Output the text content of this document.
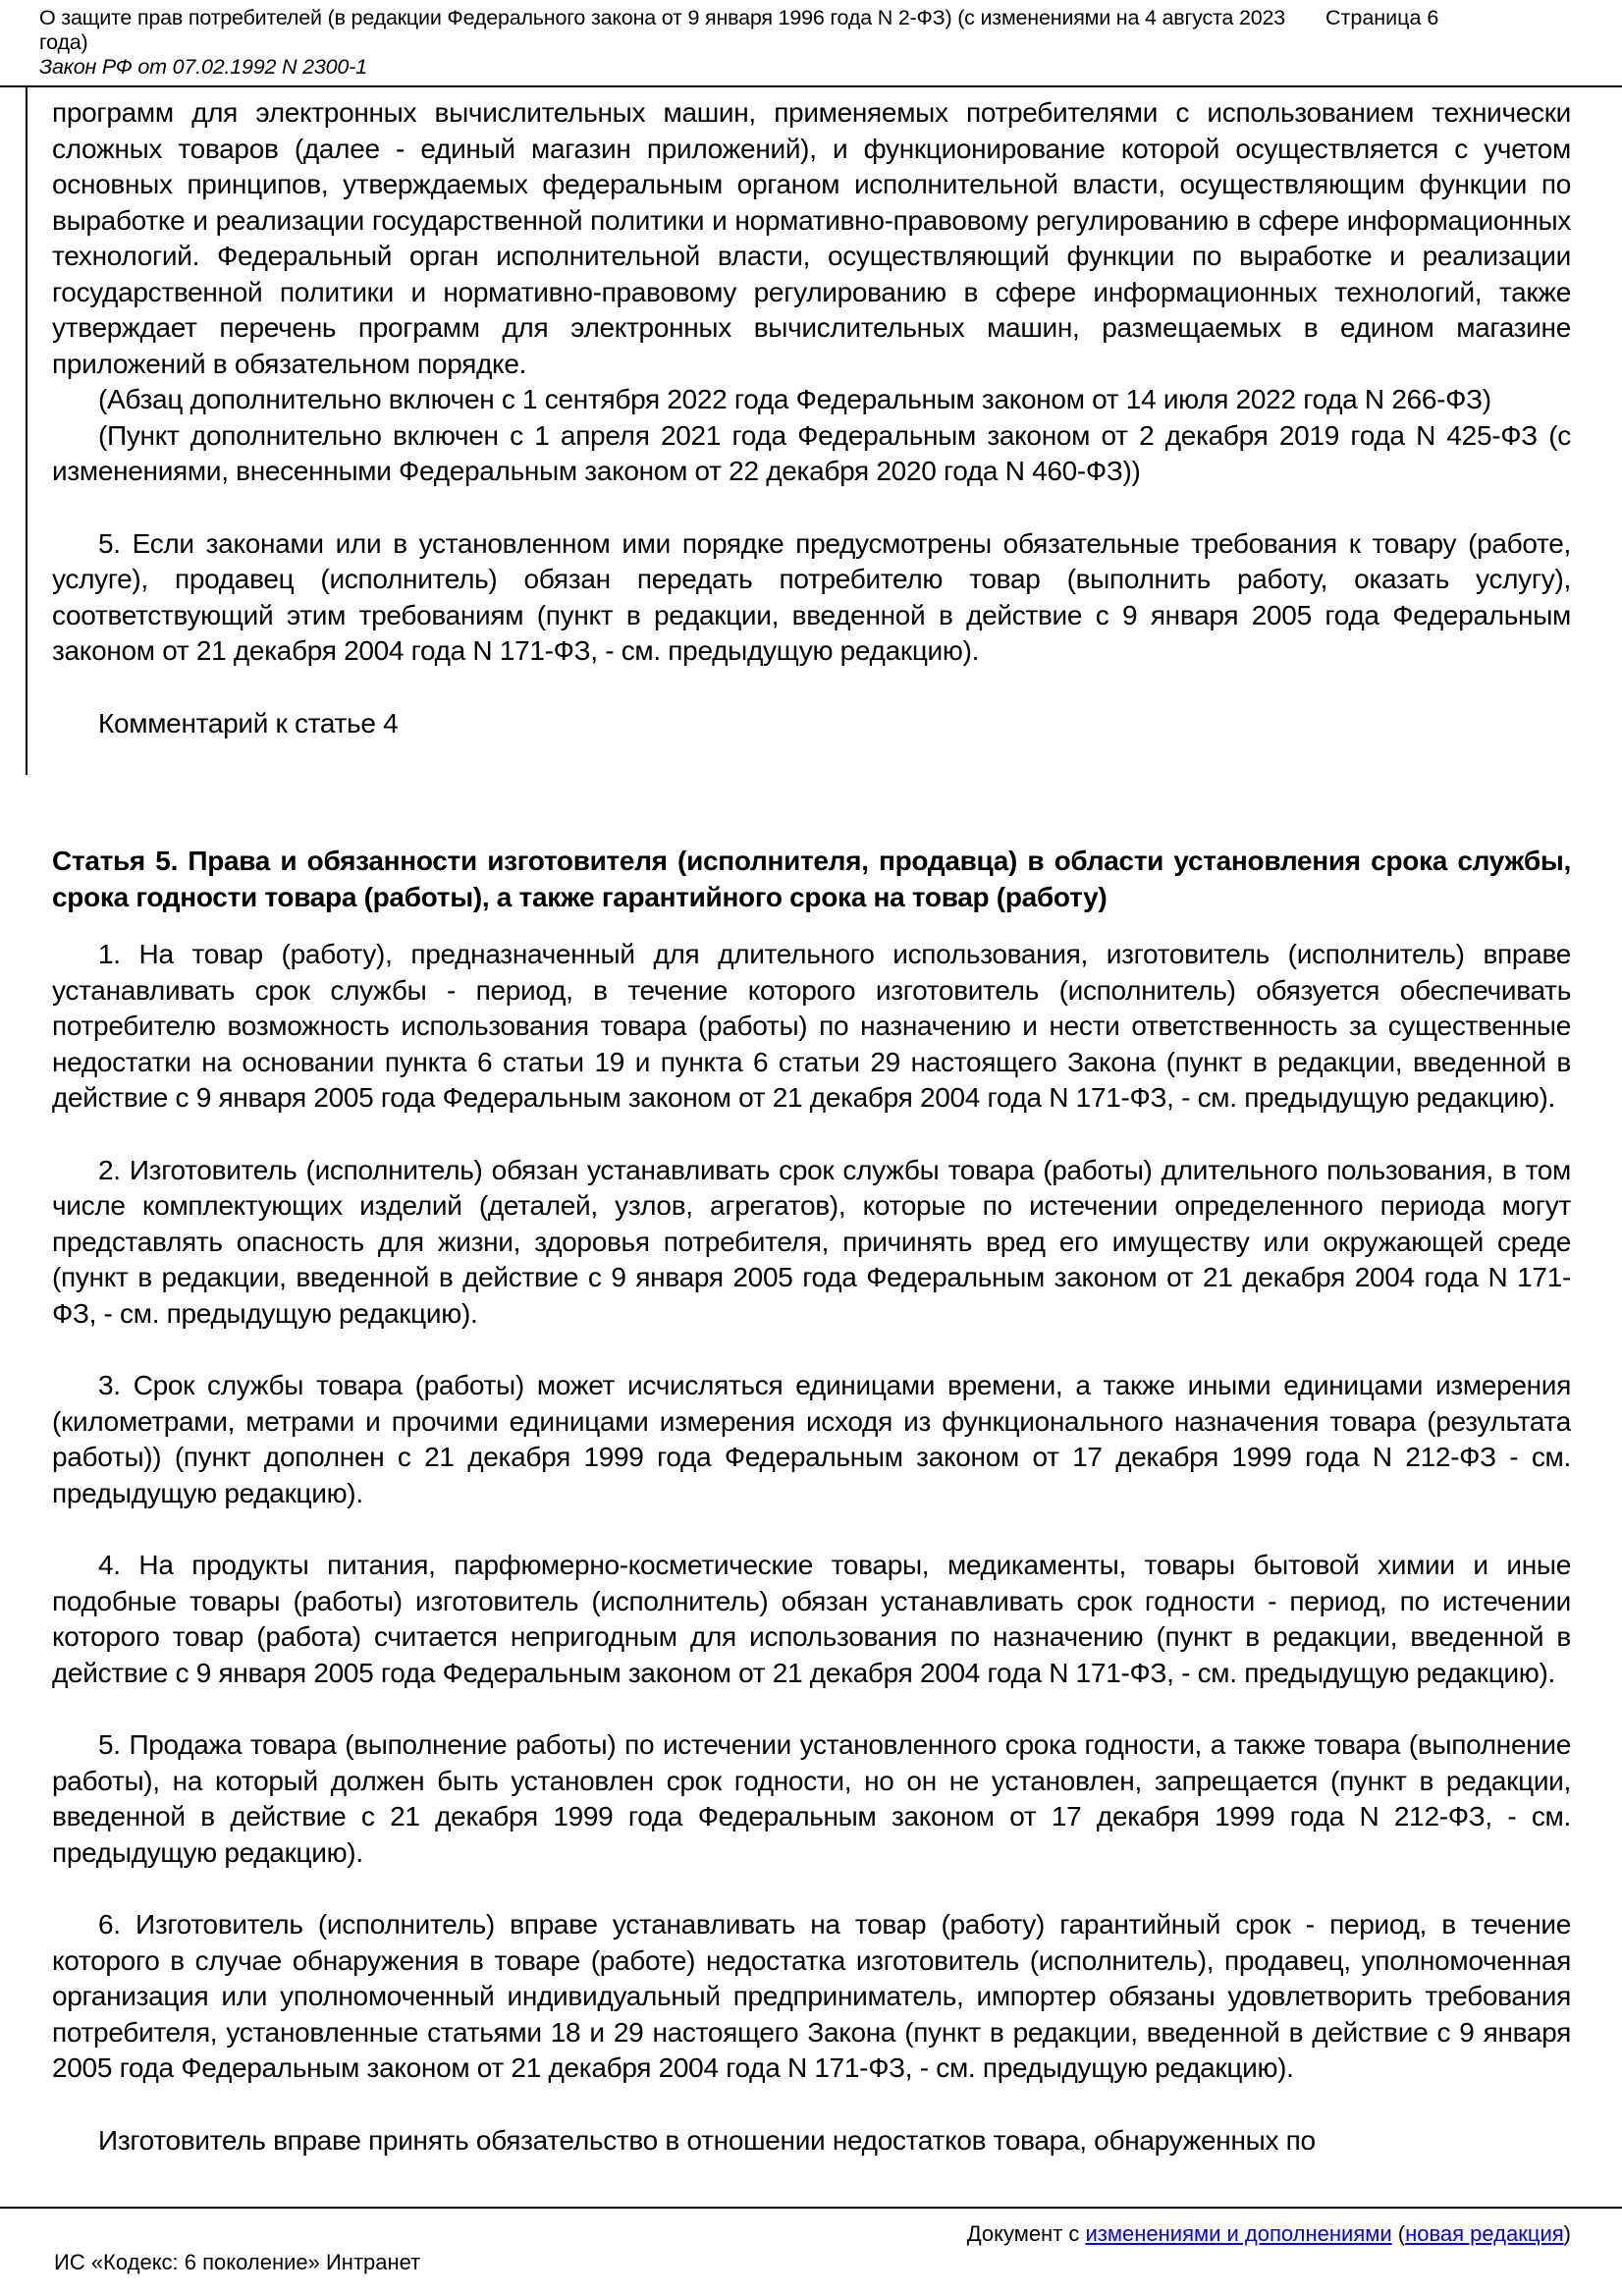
О защите прав потребителей (в редакции Федерального закона от 9 января 1996 года N 2-ФЗ) (с изменениями на 4 августа 2023 года)
Страница 6
Закон РФ от 07.02.1992 N 2300-1

программ для электронных вычислительных машин, применяемых потребителями с использованием технически сложных товаров (далее - единый магазин приложений), и функционирование которой осуществляется с учетом основных принципов, утверждаемых федеральным органом исполнительной власти, осуществляющим функции по выработке и реализации государственной политики и нормативно-правовому регулированию в сфере информационных технологий. Федеральный орган исполнительной власти, осуществляющий функции по выработке и реализации государственной политики и нормативно-правовому регулированию в сфере информационных технологий, также утверждает перечень программ для электронных вычислительных машин, размещаемых в едином магазине приложений в обязательном порядке.

(Абзац дополнительно включен с 1 сентября 2022 года Федеральным законом от 14 июля 2022 года N 266-ФЗ)

(Пункт дополнительно включен с 1 апреля 2021 года Федеральным законом от 2 декабря 2019 года N 425-ФЗ (с изменениями, внесенными Федеральным законом от 22 декабря 2020 года N 460-ФЗ))

5. Если законами или в установленном ими порядке предусмотрены обязательные требования к товару (работе, услуге), продавец (исполнитель) обязан передать потребителю товар (выполнить работу, оказать услугу), соответствующий этим требованиям (пункт в редакции, введенной в действие с 9 января 2005 года Федеральным законом от 21 декабря 2004 года N 171-ФЗ, - см. предыдущую редакцию).

Комментарий к статье 4

Статья 5. Права и обязанности изготовителя (исполнителя, продавца) в области установления срока службы, срока годности товара (работы), а также гарантийного срока на товар (работу)

1. На товар (работу), предназначенный для длительного использования, изготовитель (исполнитель) вправе устанавливать срок службы - период, в течение которого изготовитель (исполнитель) обязуется обеспечивать потребителю возможность использования товара (работы) по назначению и нести ответственность за существенные недостатки на основании пункта 6 статьи 19 и пункта 6 статьи 29 настоящего Закона (пункт в редакции, введенной в действие с 9 января 2005 года Федеральным законом от 21 декабря 2004 года N 171-ФЗ, - см. предыдущую редакцию).

2. Изготовитель (исполнитель) обязан устанавливать срок службы товара (работы) длительного пользования, в том числе комплектующих изделий (деталей, узлов, агрегатов), которые по истечении определенного периода могут представлять опасность для жизни, здоровья потребителя, причинять вред его имуществу или окружающей среде (пункт в редакции, введенной в действие с 9 января 2005 года Федеральным законом от 21 декабря 2004 года N 171-ФЗ, - см. предыдущую редакцию).

3. Срок службы товара (работы) может исчисляться единицами времени, а также иными единицами измерения (километрами, метрами и прочими единицами измерения исходя из функционального назначения товара (результата работы)) (пункт дополнен с 21 декабря 1999 года Федеральным законом от 17 декабря 1999 года N 212-ФЗ - см. предыдущую редакцию).

4. На продукты питания, парфюмерно-косметические товары, медикаменты, товары бытовой химии и иные подобные товары (работы) изготовитель (исполнитель) обязан устанавливать срок годности - период, по истечении которого товар (работа) считается непригодным для использования по назначению (пункт в редакции, введенной в действие с 9 января 2005 года Федеральным законом от 21 декабря 2004 года N 171-ФЗ, - см. предыдущую редакцию).

5. Продажа товара (выполнение работы) по истечении установленного срока годности, а также товара (выполнение работы), на который должен быть установлен срок годности, но он не установлен, запрещается (пункт в редакции, введенной в действие с 21 декабря 1999 года Федеральным законом от 17 декабря 1999 года N 212-ФЗ, - см. предыдущую редакцию).

6. Изготовитель (исполнитель) вправе устанавливать на товар (работу) гарантийный срок - период, в течение которого в случае обнаружения в товаре (работе) недостатка изготовитель (исполнитель), продавец, уполномоченная организация или уполномоченный индивидуальный предприниматель, импортер обязаны удовлетворить требования потребителя, установленные статьями 18 и 29 настоящего Закона (пункт в редакции, введенной в действие с 9 января 2005 года Федеральным законом от 21 декабря 2004 года N 171-ФЗ, - см. предыдущую редакцию).

Изготовитель вправе принять обязательство в отношении недостатков товара, обнаруженных по

Документ с изменениями и дополнениями (новая редакция)
ИС «Кодекс: 6 поколение» Интранет
